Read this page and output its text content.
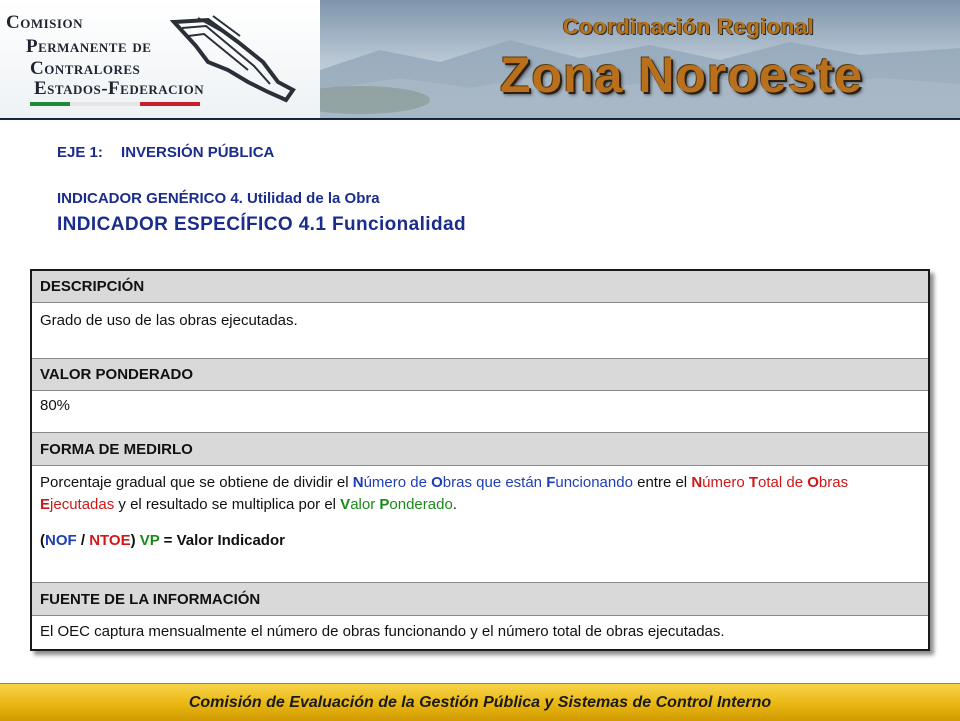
Comision
Permanente de
Contralores
Estados-Federacion
Coordinación Regional
Zona Noroeste
EJE 1: INVERSIÓN PÚBLICA
INDICADOR GENÉRICO 4. Utilidad de la Obra
INDICADOR ESPECÍFICO 4.1 Funcionalidad
DESCRIPCIÓN
Grado de uso de las obras ejecutadas.
VALOR PONDERADO
80%
FORMA DE MEDIRLO
Porcentaje gradual que se obtiene de dividir el Número de Obras que están Funcionando entre el Número Total de Obras Ejecutadas y el resultado se multiplica por el Valor Ponderado.
(NOF / NTOE) VP = Valor Indicador
FUENTE DE LA INFORMACIÓN
El OEC captura mensualmente el número de obras funcionando y el número total de obras ejecutadas.
Comisión de Evaluación de la Gestión Pública y Sistemas de Control Interno
